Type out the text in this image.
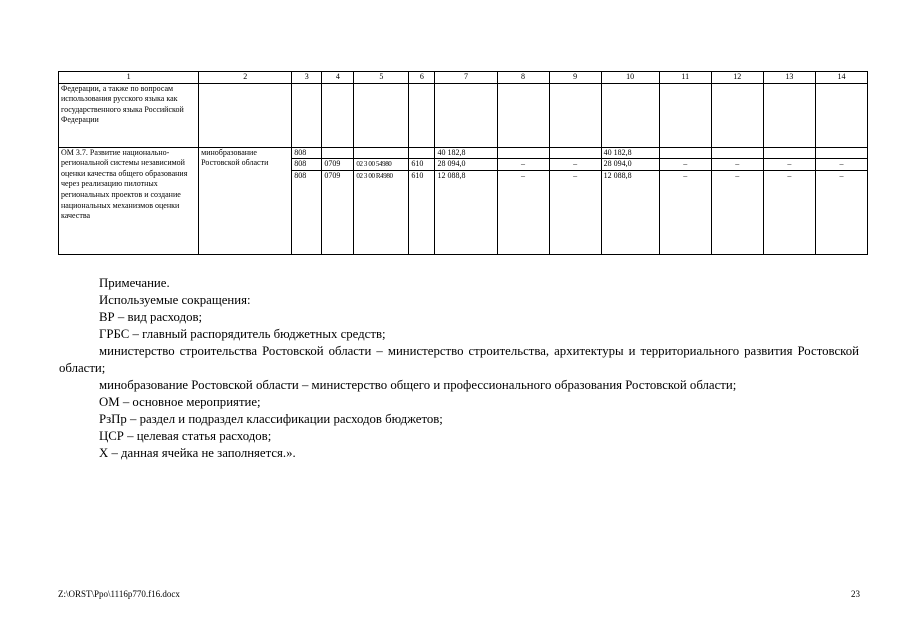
1	2	3	4	5	6	7	8	9	10	11	12	13	14
Федерации, а также по вопросам использования русского языка как государственного языка Российской Федерации													
ОМ 3.7. Развитие национально-региональной системы независимой оценки качества общего образования через реализацию пилотных региональных проектов и создание национальных механизмов оценки качества	минобразование Ростовской области	808				40 182,8			40 182,8				
		808	0709	02 3 00 54980	610	28 094,0	–	–	28 094,0	–	–	–	–
		808	0709	02 3 00 R4980	610	12 088,8	–	–	12 088,8	–	–	–	–

Примечание.

Используемые сокращения:

ВР – вид расходов;

ГРБС – главный распорядитель бюджетных средств;

министерство строительства Ростовской области – министерство строительства, архитектуры и территориального развития Ростовской области;

минобразование Ростовской области – министерство общего и профессионального образования Ростовской области;

ОМ – основное мероприятие;

РзПр – раздел и подраздел классификации расходов бюджетов;

ЦСР – целевая статья расходов;

Х – данная ячейка не заполняется.».

Z:\ORST\Ppo\1116p770.f16.docx	23
